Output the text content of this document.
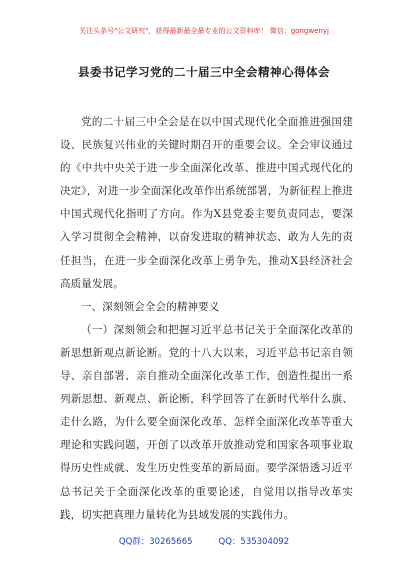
关注头条号"公文研究"，获得最新最全最专业的公文资料库！ 微信：gongwenyj
县委书记学习党的二十届三中全会精神心得体会

党的二十届三中全会是在以中国式现代化全面推进强国建设、民族复兴伟业的关键时期召开的重要会议。全会审议通过的《中共中央关于进一步全面深化改革、推进中国式现代化的决定》，对进一步全面深化改革作出系统部署，为新征程上推进中国式现代化指明了方向。作为X县党委主要负责同志，要深入学习贯彻全会精神，以奋发进取的精神状态、敢为人先的责任担当，在进一步全面深化改革上勇争先，推动X县经济社会高质量发展。

一、深刻领会全会的精神要义

（一）深刻领会和把握习近平总书记关于全面深化改革的新思想新观点新论断。党的十八大以来，习近平总书记亲自领导、亲自部署、亲自推动全面深化改革工作，创造性提出一系列新思想、新观点、新论断，科学回答了在新时代举什么旗、走什么路，为什么要全面深化改革、怎样全面深化改革等重大理论和实践问题，开创了以改革开放推动党和国家各项事业取得历史性成就、发生历史性变革的新局面。要学深悟透习近平总书记关于全面深化改革的重要论述，自觉用以指导改革实践，切实把真理力量转化为县域发展的实践伟力。

QQ群：30265665	QQ：535304092
